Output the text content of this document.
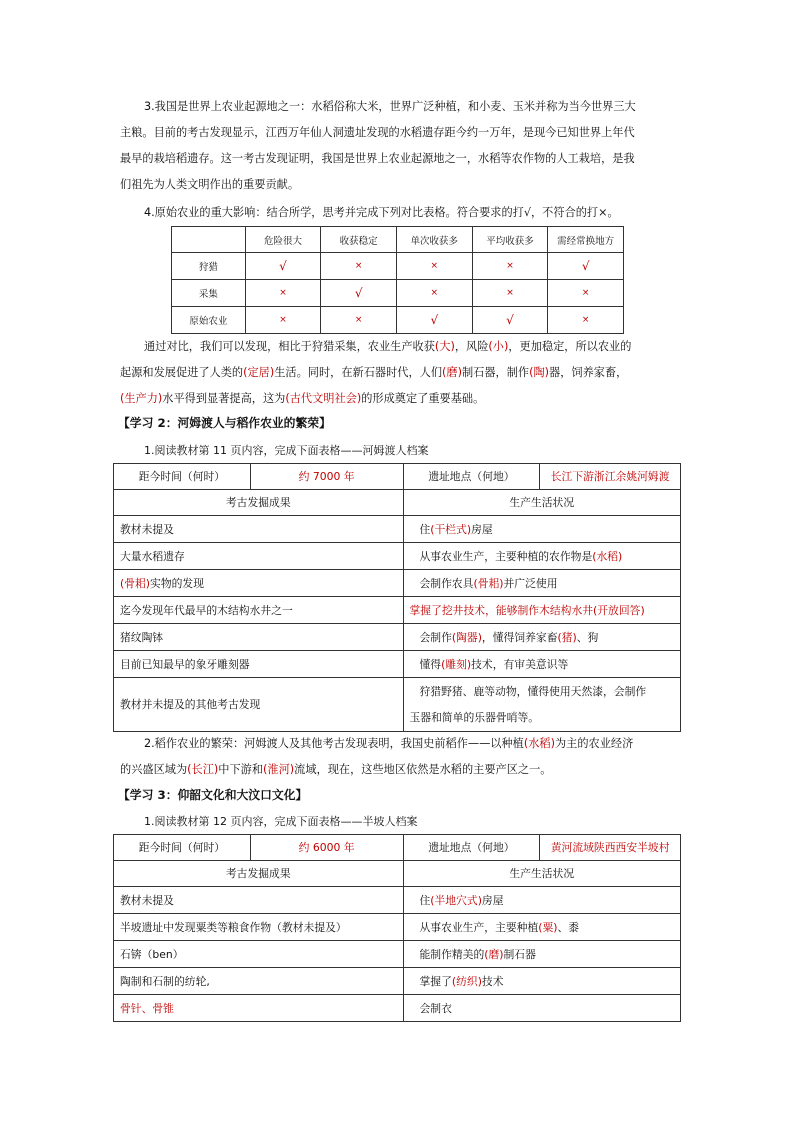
3.我国是世界上农业起源地之一：水稻俗称大米，世界广泛种植，和小麦、玉米并称为当今世界三大

主粮。目前的考古发现显示，江西万年仙人洞遗址发现的水稻遗存距今约一万年，是现今已知世界上年代

最早的栽培稻遗存。这一考古发现证明，我国是世界上农业起源地之一，水稻等农作物的人工栽培，是我

们祖先为人类文明作出的重要贡献。

4.原始农业的重大影响：结合所学，思考并完成下列对比表格。符合要求的打√，不符合的打×。

	危险很大	收获稳定	单次收获多	平均收获多	需经常换地方
狩猎	√	×	×	×	√
采集	×	√	×	×	×
原始农业	×	×	√	√	×

通过对比，我们可以发现，相比于狩猎采集，农业生产收获(大)，风险(小)，更加稳定，所以农业的

起源和发展促进了人类的(定居)生活。同时，在新石器时代，人们(磨)制石器，制作(陶)器，饲养家畜，

(生产力)水平得到显著提高，这为(古代文明社会)的形成奠定了重要基础。

【学习 2：河姆渡人与稻作农业的繁荣】
1.阅读教材第 11 页内容，完成下面表格——河姆渡人档案
距今时间（何时）	约 7000 年	遗址地点（何地）	长江下游浙江余姚河姆渡
考古发掘成果		生产生活状况	
教材未提及		住(干栏式)房屋	
大量水稻遗存		从事农业生产，主要种植的农作物是(水稻)	
(骨耜)实物的发现		会制作农具(骨耜)并广泛使用	
迄今发现年代最早的木结构水井之一		掌握了挖井技术，能够制作木结构水井(开放回答)	
猪纹陶钵		会制作(陶器)，懂得饲养家畜(猪)、狗	
目前已知最早的象牙雕刻器		懂得(雕刻)技术，有审美意识等	
教材并未提及的其他考古发现		狩猎野猪、鹿等动物，懂得使用天然漆，会制作
玉器和简单的乐器骨哨等。	

2.稻作农业的繁荣：河姆渡人及其他考古发现表明，我国史前稻作——以种植(水稻)为主的农业经济

的兴盛区域为(长江)中下游和(淮河)流域，现在，这些地区依然是水稻的主要产区之一。

【学习 3：仰韶文化和大汶口文化】
1.阅读教材第 12 页内容，完成下面表格——半坡人档案
距今时间（何时）	约 6000 年	遗址地点（何地）	黄河流域陕西西安半坡村
考古发掘成果		生产生活状况	
教材未提及		住(半地穴式)房屋	
半坡遗址中发现粟类等粮食作物（教材未提及）		从事农业生产，主要种植(粟)、黍	
石锛（ben）		能制作精美的(磨)制石器	
陶制和石制的纺轮,		掌握了(纺织)技术	
骨针、骨锥		会制衣	
